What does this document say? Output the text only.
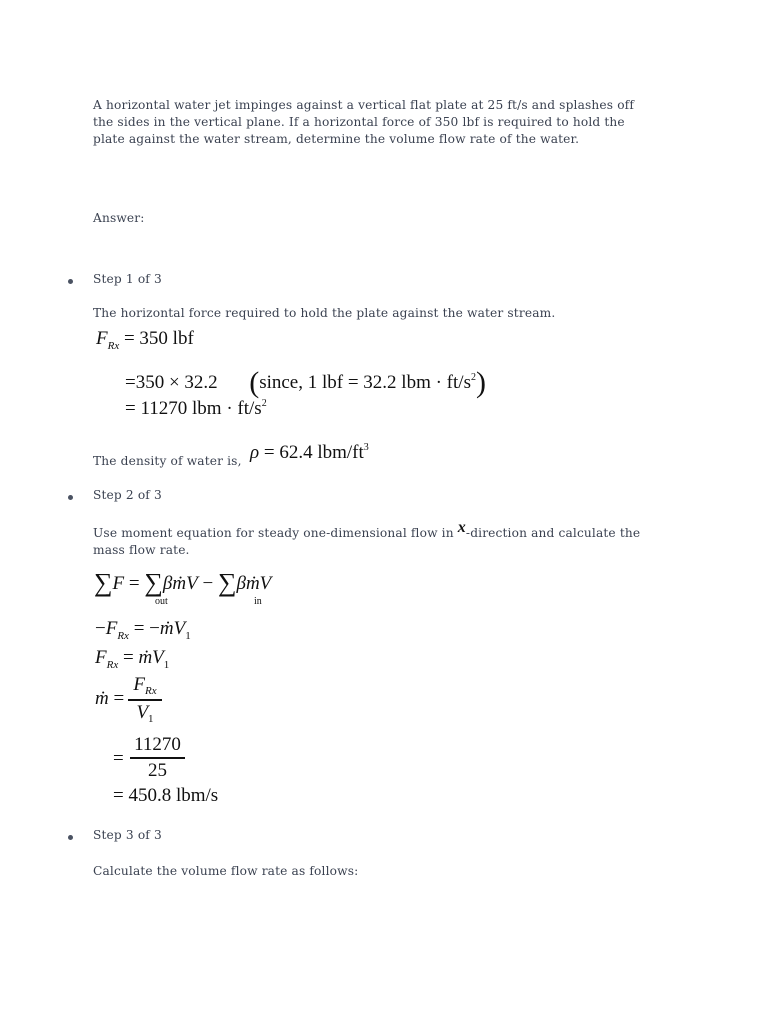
A horizontal water jet impinges against a vertical flat plate at 25 ft/s and splashes off
the sides in the vertical plane. If a horizontal force of 350 lbf is required to hold the
plate against the water stream, determine the volume flow rate of the water.
Answer:
Step 1 of 3
The horizontal force required to hold the plate against the water stream.
$F_{Rx} = 350$ lbf
=350 × 32.2 (since, 1 lbf = 32.2 lbm · $ft/s^2$)
= 11270 lbm · $ft/s^2$
The density of water is, ρ = 62.4 lbm/$ft^3$
Step 2 of 3
Use moment equation for steady one-dimensional flow in x-direction and calculate the
mass flow rate.
∑F = ∑βṁV − ∑βṁV
out	in
$-F_{Rx}$ = −ṁV$_1$
$F_{Rx}$ = ṁV$_1$
ṁ =
$F_{Rx}$
$V_1$
=
11270
25
= 450.8 lbm/s
Step 3 of 3
Calculate the volume flow rate as follows:
